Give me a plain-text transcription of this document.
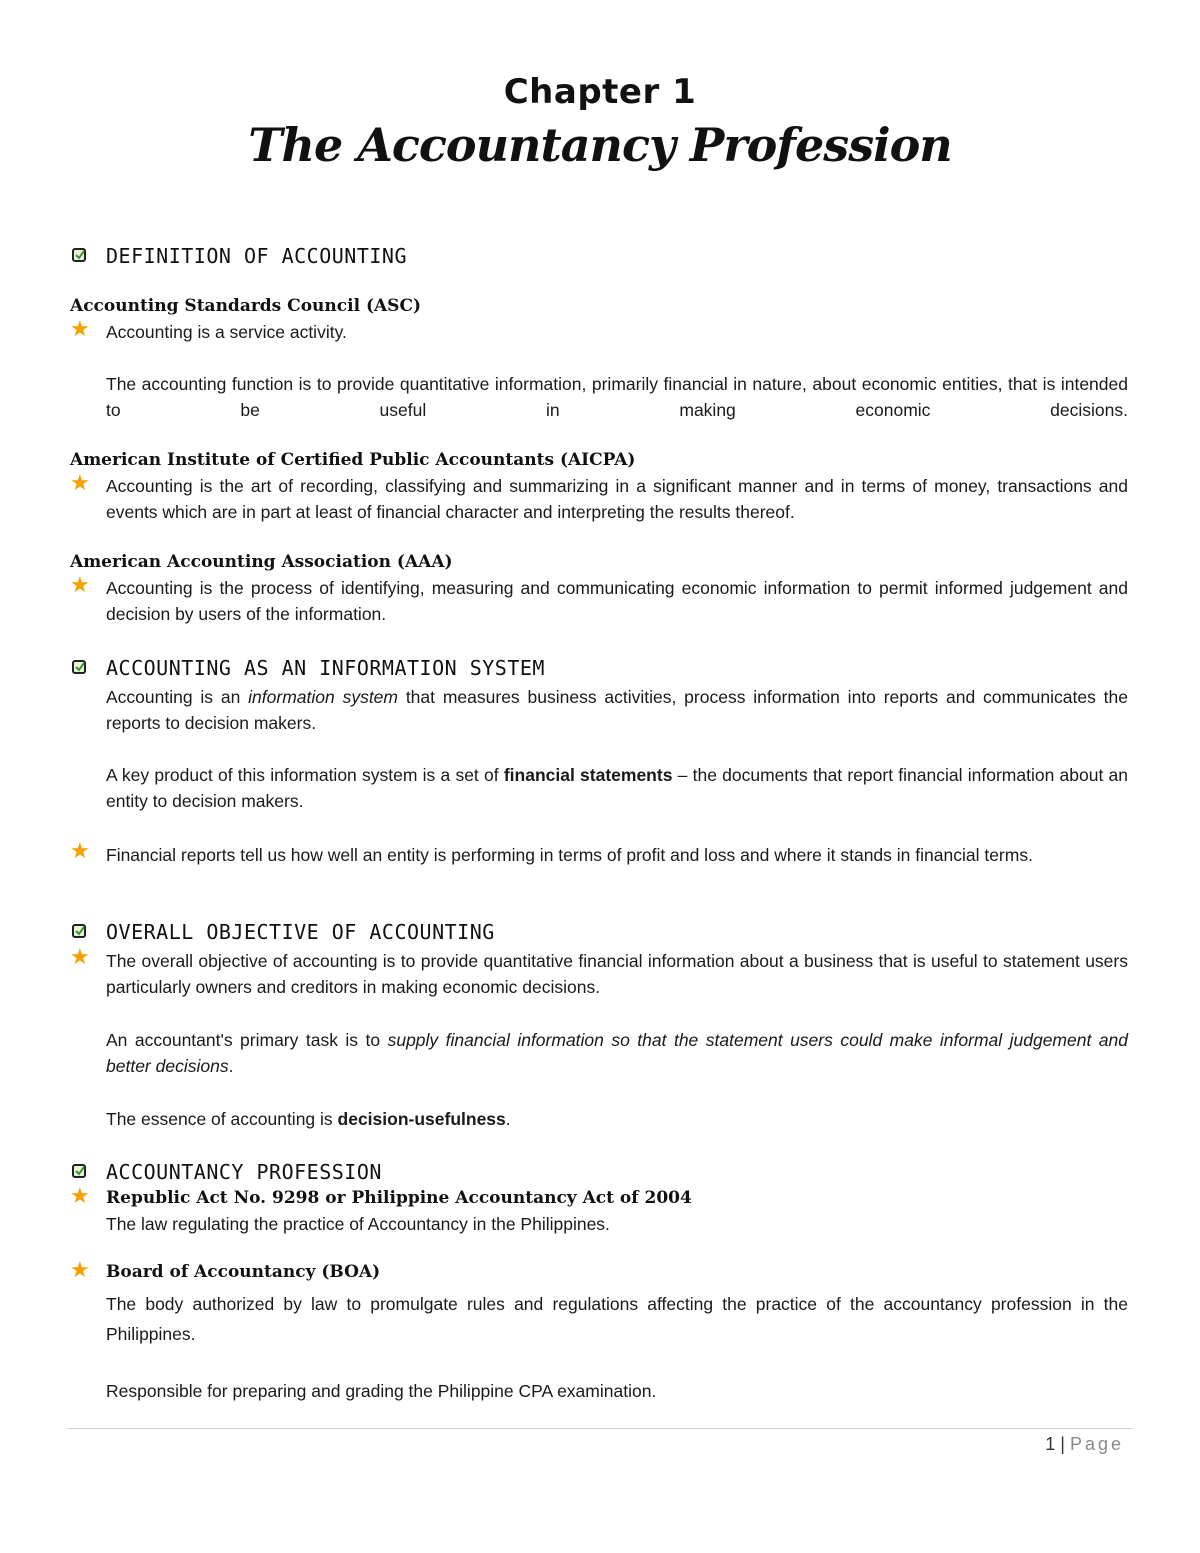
Chapter 1
The Accountancy Profession
DEFINITION OF ACCOUNTING
Accounting Standards Council (ASC)
★ Accounting is a service activity.
The accounting function is to provide quantitative information, primarily financial in nature, about economic entities, that is intended to be useful in making economic decisions.
American Institute of Certified Public Accountants (AICPA)
★ Accounting is the art of recording, classifying and summarizing in a significant manner and in terms of money, transactions and events which are in part at least of financial character and interpreting the results thereof.
American Accounting Association (AAA)
★ Accounting is the process of identifying, measuring and communicating economic information to permit informed judgement and decision by users of the information.
ACCOUNTING AS AN INFORMATION SYSTEM
Accounting is an information system that measures business activities, process information into reports and communicates the reports to decision makers.
A key product of this information system is a set of financial statements – the documents that report financial information about an entity to decision makers.
★ Financial reports tell us how well an entity is performing in terms of profit and loss and where it stands in financial terms.
OVERALL OBJECTIVE OF ACCOUNTING
★ The overall objective of accounting is to provide quantitative financial information about a business that is useful to statement users particularly owners and creditors in making economic decisions.
An accountant's primary task is to supply financial information so that the statement users could make informal judgement and better decisions.
The essence of accounting is decision-usefulness.
ACCOUNTANCY PROFESSION
★ Republic Act No. 9298 or Philippine Accountancy Act of 2004
The law regulating the practice of Accountancy in the Philippines.
★ Board of Accountancy (BOA)
The body authorized by law to promulgate rules and regulations affecting the practice of the accountancy profession in the Philippines.
Responsible for preparing and grading the Philippine CPA examination.
1 | Page
